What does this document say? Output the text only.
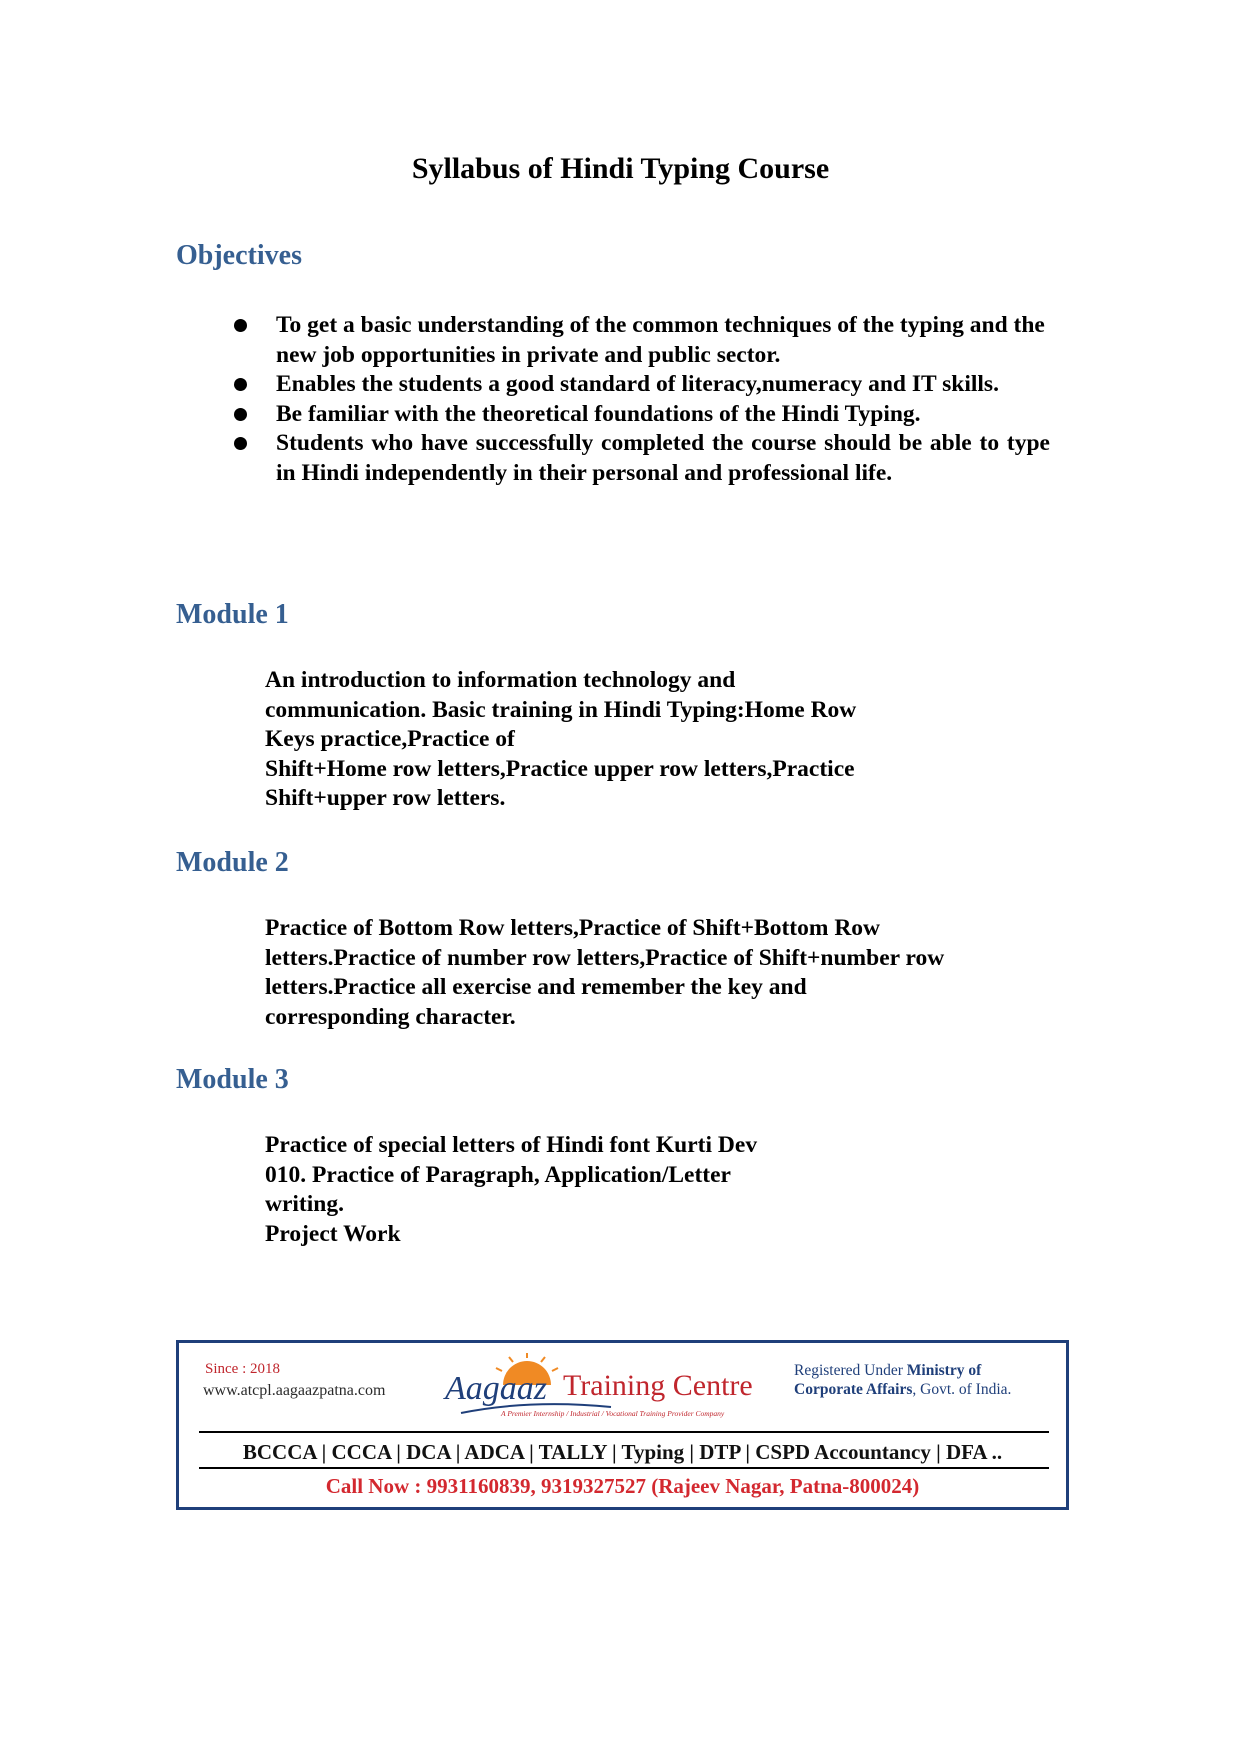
Syllabus of Hindi Typing Course
Objectives
To get a basic understanding of the common techniques of the typing and the new job opportunities in private and public sector.
Enables the students a good standard of literacy,numeracy and IT skills.
Be familiar with the theoretical foundations of the Hindi Typing.
Students who have successfully completed the course should be able to type in Hindi independently in their personal and professional life.
Module 1
An introduction to information technology and
communication. Basic training in Hindi Typing:Home Row
Keys practice,Practice of
Shift+Home row letters,Practice upper row letters,Practice
Shift+upper row letters.
Module 2
Practice of Bottom Row letters,Practice of Shift+Bottom Row
letters.Practice of number row letters,Practice of Shift+number row
letters.Practice all exercise and remember the key and
corresponding character.
Module 3
Practice of special letters of Hindi font Kurti Dev
010. Practice of Paragraph, Application/Letter
writing.
Project Work
Since : 2018
www.atcpl.aagaazpatna.com Aagaaz Training Centre
A Premier Internship / Industrial / Vocational Training Provider Company
Registered Under Ministry of
Corporate Affairs, Govt. of India.
BCCCA | CCCA | DCA | ADCA | TALLY | Typing | DTP | CSPD Accountancy | DFA ..
Call Now : 9931160839, 9319327527 (Rajeev Nagar, Patna-800024)
